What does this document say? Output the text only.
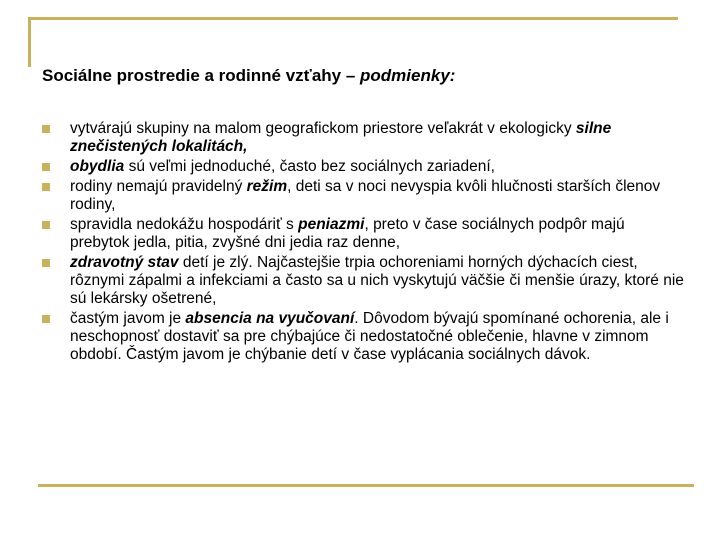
Sociálne prostredie a rodinné vzťahy – podmienky:
vytvárajú skupiny na malom geografickom priestore veľakrát v ekologicky silne znečistených lokalitách,
obydlia sú veľmi jednoduché, často bez sociálnych zariadení,
rodiny nemajú pravidelný režim, deti sa v noci nevyspia kvôli hlučnosti starších členov rodiny,
spravidla nedokážu hospodáriť s peniazmi, preto v čase sociálnych podpôr majú prebytok jedla, pitia, zvyšné dni jedia raz denne,
zdravotný stav detí je zlý. Najčastejšie trpia ochoreniami horných dýchacích ciest, rôznymi zápalmi a infekciami a často sa u nich vyskytujú väčšie či menšie úrazy, ktoré nie sú lekársky ošetrené,
častým javom je absencia na vyučovaní. Dôvodom bývajú spomínané ochorenia, ale i neschopnosť dostaviť sa pre chýbajúce či nedostatočné oblečenie, hlavne v zimnom období. Častým javom je chýbanie detí v čase vyplácania sociálnych dávok.
